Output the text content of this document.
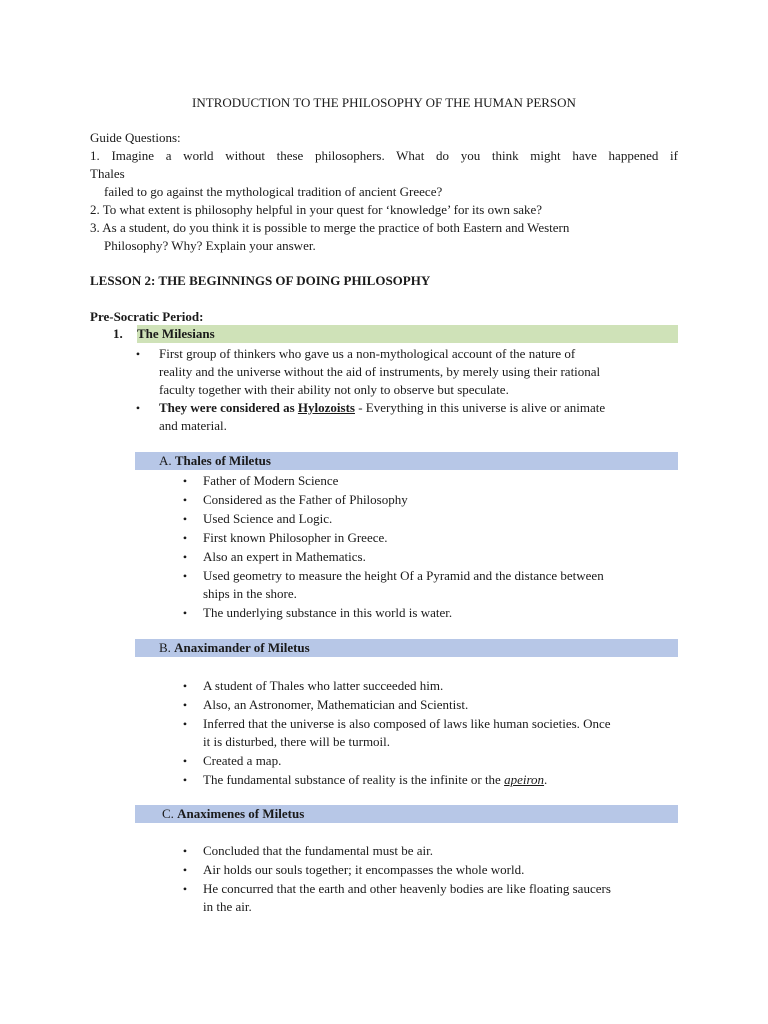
INTRODUCTION TO THE PHILOSOPHY OF THE HUMAN PERSON
Guide Questions:
1. Imagine a world without these philosophers. What do you think might have happened if
Thales
failed to go against the mythological tradition of ancient Greece?
2. To what extent is philosophy helpful in your quest for ‘knowledge’ for its own sake?
3. As a student, do you think it is possible to merge the practice of both Eastern and Western
Philosophy? Why? Explain your answer.
LESSON 2: THE BEGINNINGS OF DOING PHILOSOPHY
Pre-Socratic Period:
1. The Milesians
• First group of thinkers who gave us a non-mythological account of the nature of
reality and the universe without the aid of instruments, by merely using their rational
faculty together with their ability not only to observe but speculate.
• They were considered as Hylozoists - Everything in this universe is alive or animate
and material.
A. Thales of Miletus
• Father of Modern Science
• Considered as the Father of Philosophy
• Used Science and Logic.
• First known Philosopher in Greece.
• Also an expert in Mathematics.
• Used geometry to measure the height Of a Pyramid and the distance between
ships in the shore.
• The underlying substance in this world is water.
B. Anaximander of Miletus
• A student of Thales who latter succeeded him.
• Also, an Astronomer, Mathematician and Scientist.
• Inferred that the universe is also composed of laws like human societies. Once
it is disturbed, there will be turmoil.
• Created a map.
• The fundamental substance of reality is the infinite or the apeiron.
C. Anaximenes of Miletus
• Concluded that the fundamental must be air.
• Air holds our souls together; it encompasses the whole world.
• He concurred that the earth and other heavenly bodies are like floating saucers
in the air.
